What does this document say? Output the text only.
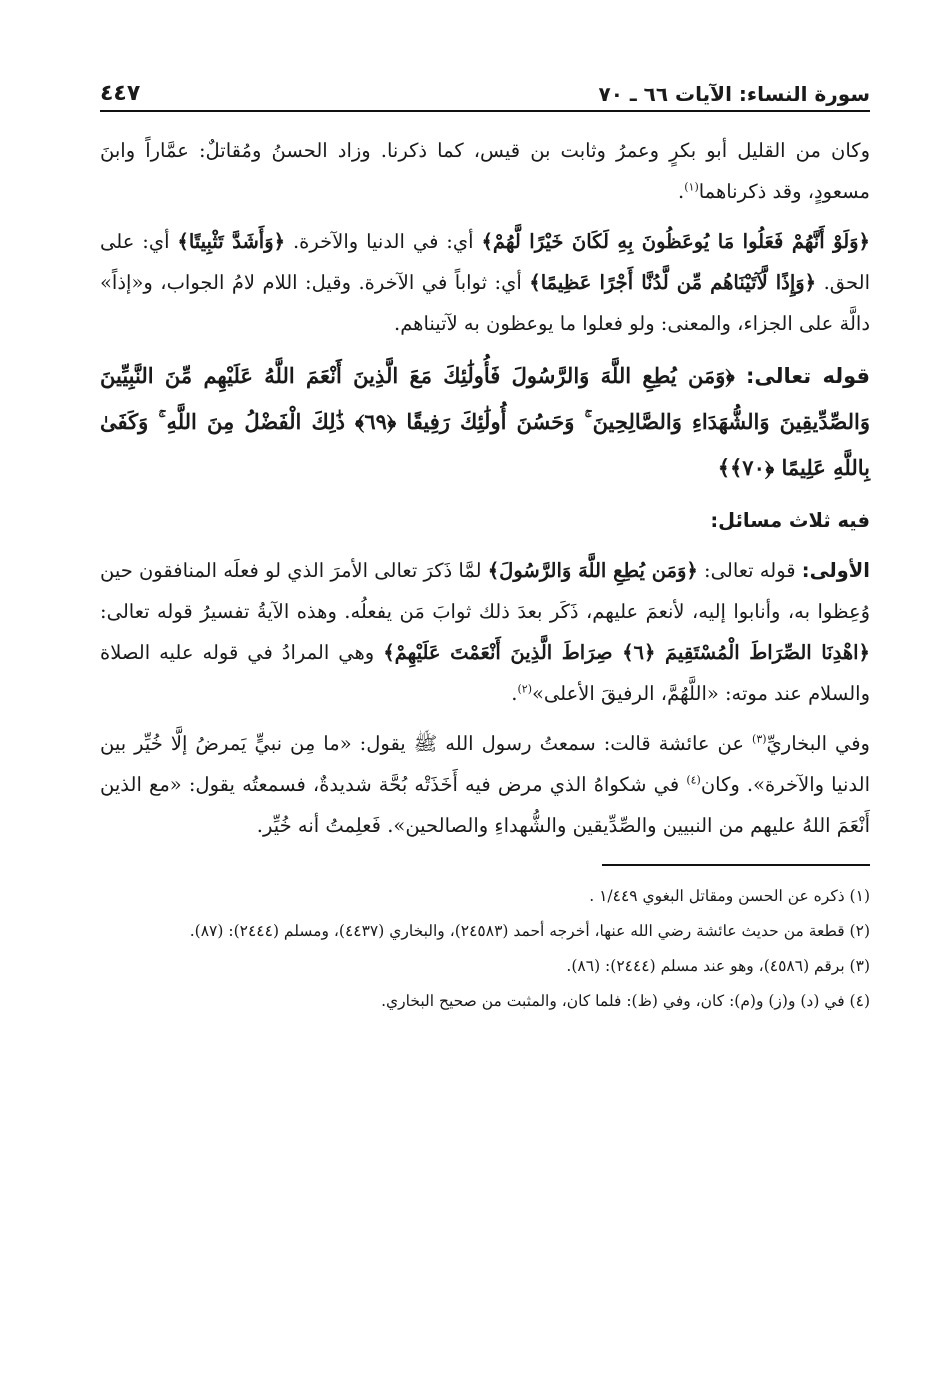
سورة النساء: الآيات ٦٦ ـ ٧٠
٤٤٧

وكان من القليل أبو بكرٍ وعمرُ وثابت بن قيس، كما ذكرنا. وزاد الحسنُ ومُقاتلٌ: عمَّاراً وابنَ مسعودٍ، وقد ذكرناهما$^{(١)}$.

﴿وَلَوْ أَنَّهُمْ فَعَلُوا مَا يُوعَظُونَ بِهِ لَكَانَ خَيْرًا لَّهُمْ﴾ أي: في الدنيا والآخرة. ﴿وَأَشَدَّ تَثْبِيتًا﴾ أي: على الحق. ﴿وَإِذًا لَّآتَيْنَاهُم مِّن لَّدُنَّا أَجْرًا عَظِيمًا﴾ أي: ثواباً في الآخرة. وقيل: اللام لامُ الجواب، و«إذاً» دالَّة على الجزاء، والمعنى: ولو فعلوا ما يوعظون به لآتيناهم.

قوله تعالى: ﴿وَمَن يُطِعِ اللَّهَ وَالرَّسُولَ فَأُولَٰئِكَ مَعَ الَّذِينَ أَنْعَمَ اللَّهُ عَلَيْهِم مِّنَ النَّبِيِّينَ وَالصِّدِّيقِينَ وَالشُّهَدَاءِ وَالصَّالِحِينَ ۚ وَحَسُنَ أُولَٰئِكَ رَفِيقًا ﴿٦٩﴾ ذَٰلِكَ الْفَضْلُ مِنَ اللَّهِ ۚ وَكَفَىٰ بِاللَّهِ عَلِيمًا ﴿٧٠﴾﴾

فيه ثلاث مسائل:

الأولى: قوله تعالى: ﴿وَمَن يُطِعِ اللَّهَ وَالرَّسُولَ﴾ لمَّا ذَكرَ تعالى الأمرَ الذي لو فعلَه المنافقون حين وُعِظوا به، وأنابوا إليه، لأنعمَ عليهم، ذَكَر بعدَ ذلك ثوابَ مَن يفعلُه. وهذه الآيةُ تفسيرُ قوله تعالى: ﴿اهْدِنَا الصِّرَاطَ الْمُسْتَقِيمَ ﴿٦﴾ صِرَاطَ الَّذِينَ أَنْعَمْتَ عَلَيْهِمْ﴾ وهي المرادُ في قوله عليه الصلاة والسلام عند موته: «اللَّهُمَّ، الرفيقَ الأعلى»$^{(٢)}$.

وفي البخاريِّ$^{(٣)}$ عن عائشة قالت: سمعتُ رسول الله ﷺ يقول: «ما مِن نبيٍّ يَمرضُ إلَّا خُيِّر بين الدنيا والآخرة». وكان$^{(٤)}$ في شكواهُ الذي مرض فيه أَخَذَتْه بُحَّة شديدةٌ، فسمعتُه يقول: «مع الذين أَنْعَمَ اللهُ عليهم من النبيين والصِّدِّيقين والشُّهداءِ والصالحين». فَعلِمتُ أنه خُيِّر.

(١) ذكره عن الحسن ومقاتل البغوي ١/٤٤٩ .

(٢) قطعة من حديث عائشة رضي الله عنها، أخرجه أحمد (٢٤٥٨٣)، والبخاري (٤٤٣٧)، ومسلم (٢٤٤٤): (٨٧).

(٣) برقم (٤٥٨٦)، وهو عند مسلم (٢٤٤٤): (٨٦).

(٤) في (د) و(ز) و(م): كان، وفي (ظ): فلما كان، والمثبت من صحيح البخاري.
